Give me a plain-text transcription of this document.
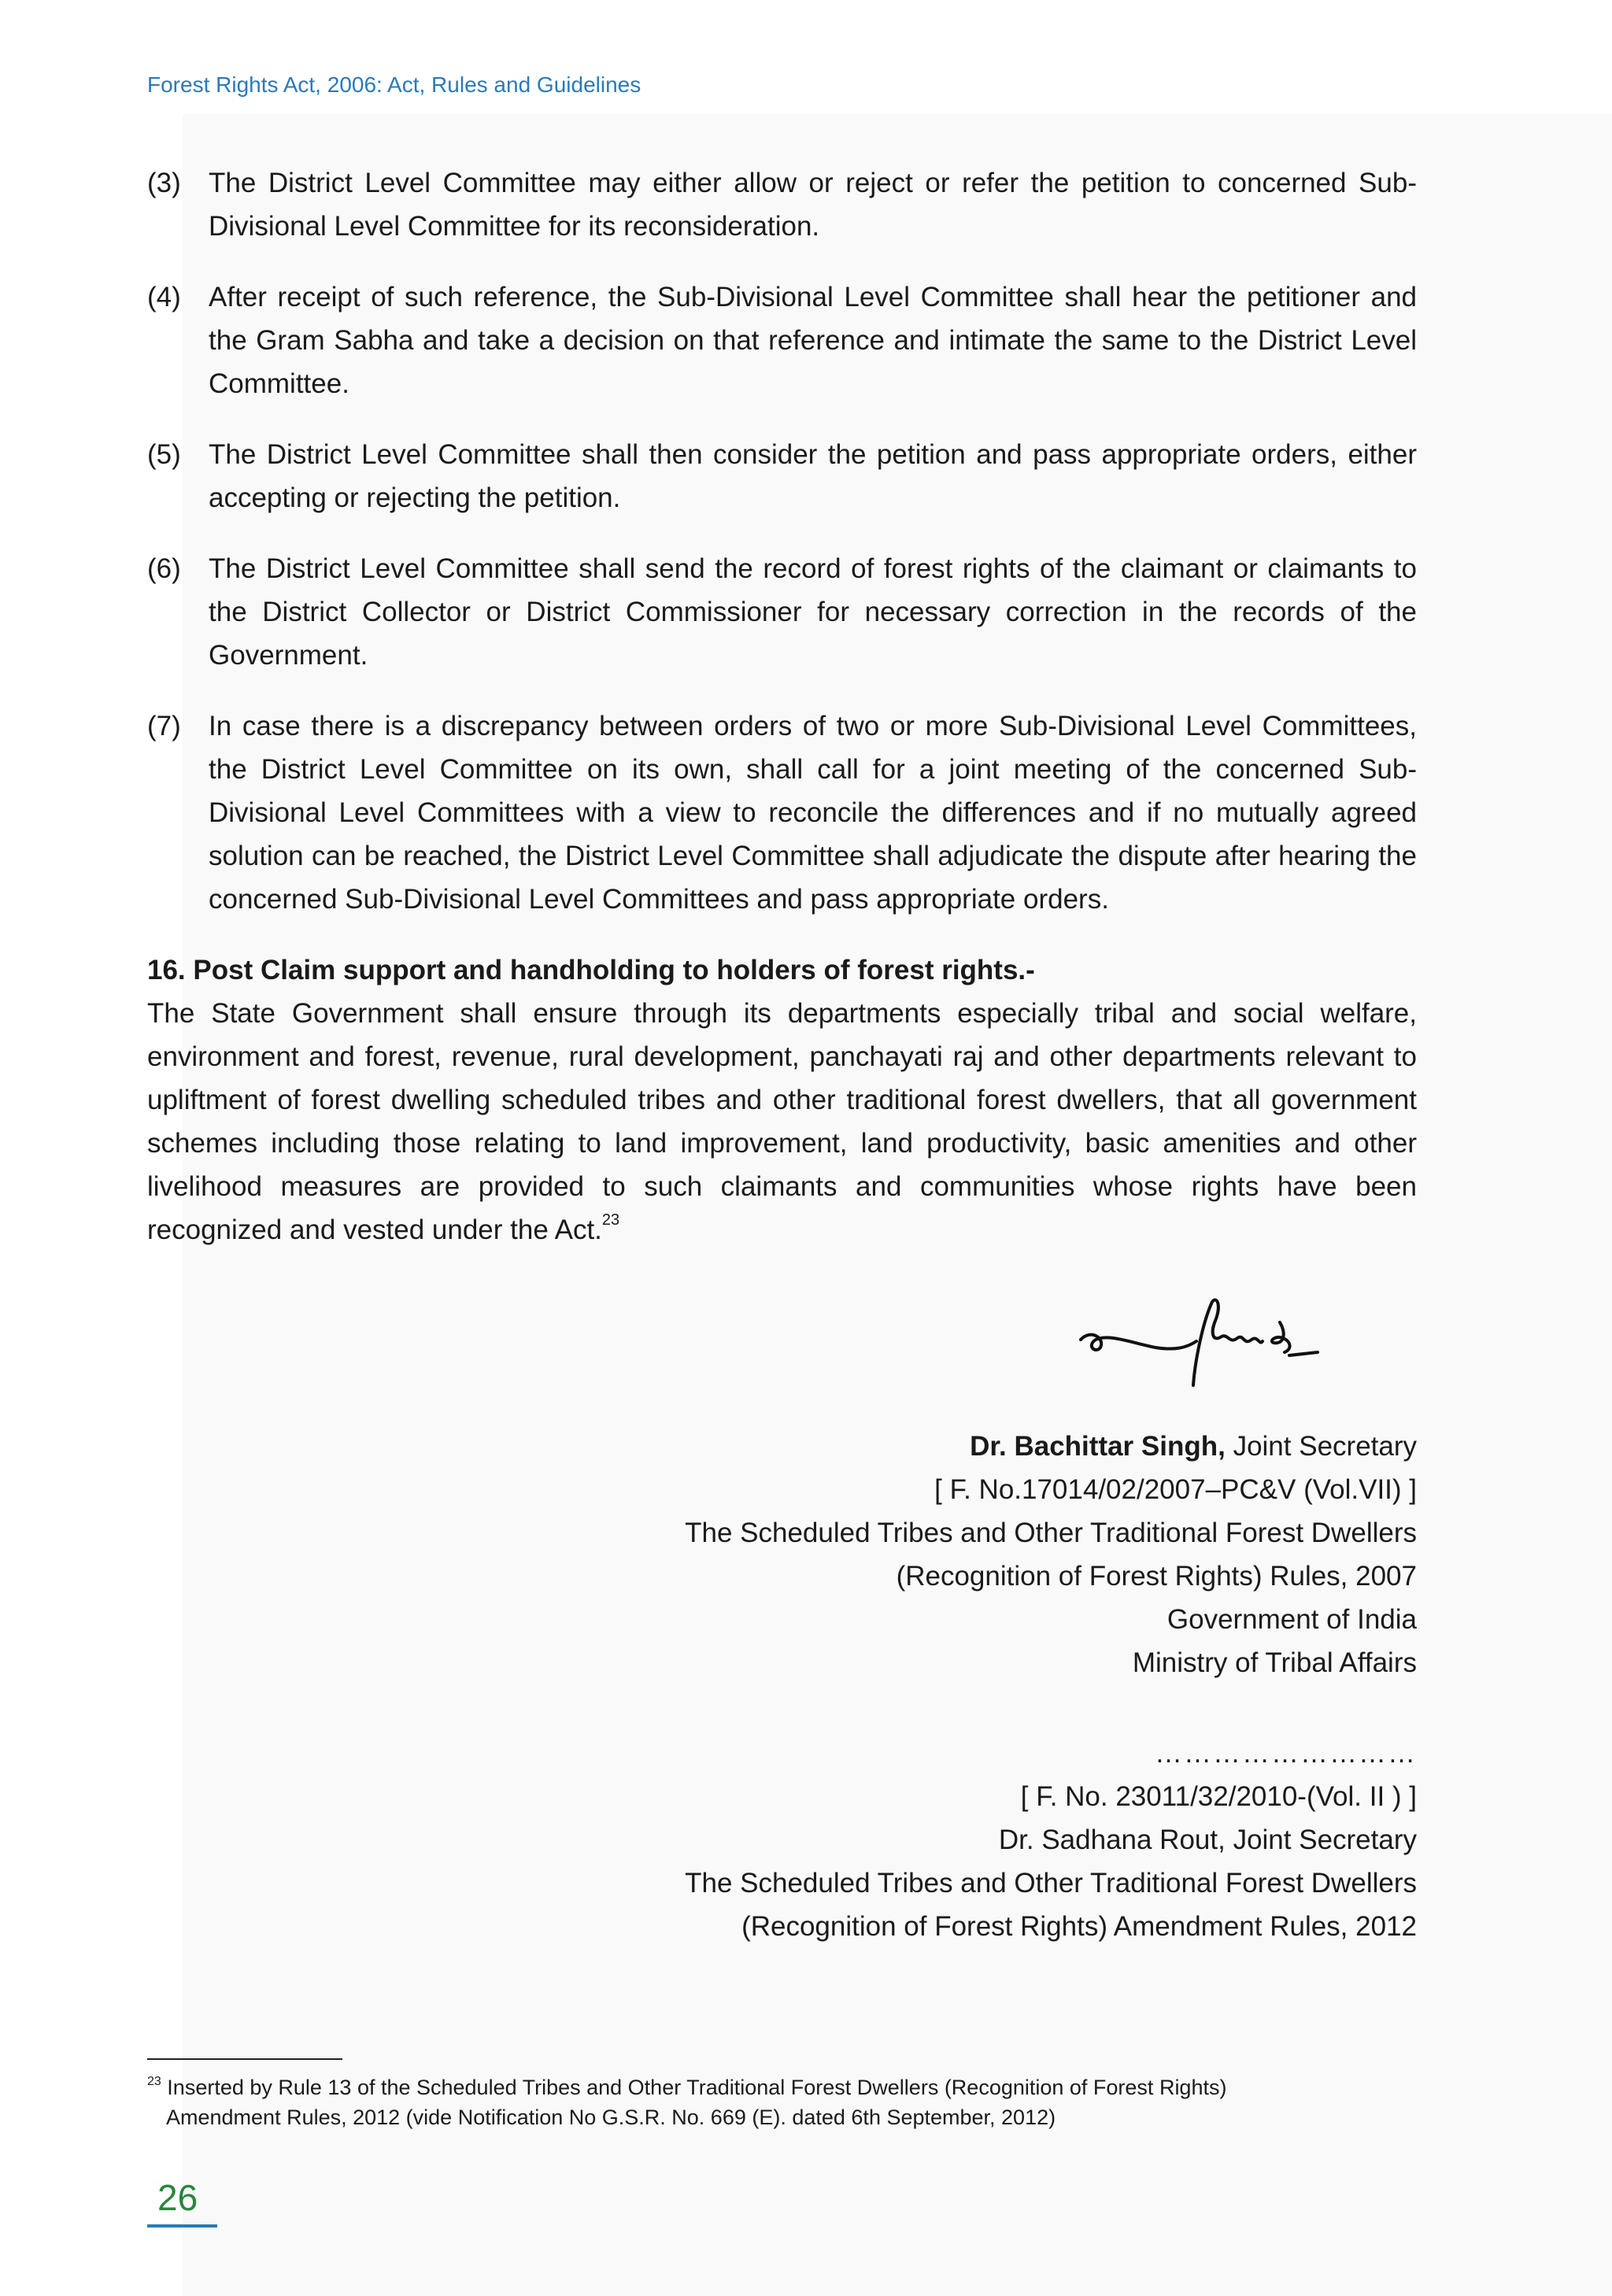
Forest Rights Act, 2006: Act, Rules and Guidelines

(3)	The District Level Committee may either allow or reject or refer the petition to concerned Sub-Divisional Level Committee for its reconsideration.
(4)	After receipt of such reference, the Sub-Divisional Level Committee shall hear the petitioner and the Gram Sabha and take a decision on that reference and intimate the same to the District Level Committee.
(5)	The District Level Committee shall then consider the petition and pass appropriate orders, either accepting or rejecting the petition.
(6)	The District Level Committee shall send the record of forest rights of the claimant or claimants to the District Collector or District Commissioner for necessary correction in the records of the Government.
(7)	In case there is a discrepancy between orders of two or more Sub-Divisional Level Committees, the District Level Committee on its own, shall call for a joint meeting of the concerned Sub-Divisional Level Committees with a view to reconcile the differences and if no mutually agreed solution can be reached, the District Level Committee shall adjudicate the dispute after hearing the concerned Sub-Divisional Level Committees and pass appropriate orders.

16. Post Claim support and handholding to holders of forest rights.-

The State Government shall ensure through its departments especially tribal and social welfare, environment and forest, revenue, rural development, panchayati raj and other departments relevant to upliftment of forest dwelling scheduled tribes and other traditional forest dwellers, that all government schemes including those relating to land improvement, land productivity, basic amenities and other livelihood measures are provided to such claimants and communities whose rights have been recognized and vested under the Act.$^{23}$

Dr. Bachittar Singh, Joint Secretary
[ F. No.17014/02/2007–PC&V (Vol.VII) ]
The Scheduled Tribes and Other Traditional Forest Dwellers
(Recognition of Forest Rights) Rules, 2007
Government of India
Ministry of Tribal Affairs
………………………
[ F. No. 23011/32/2010-(Vol. II ) ]
Dr. Sadhana Rout, Joint Secretary
The Scheduled Tribes and Other Traditional Forest Dwellers
(Recognition of Forest Rights) Amendment Rules, 2012
$^{23}$ Inserted by Rule 13 of the Scheduled Tribes and Other Traditional Forest Dwellers (Recognition of Forest Rights)
Amendment Rules, 2012 (vide Notification No G.S.R. No. 669 (E). dated 6th September, 2012)
26
